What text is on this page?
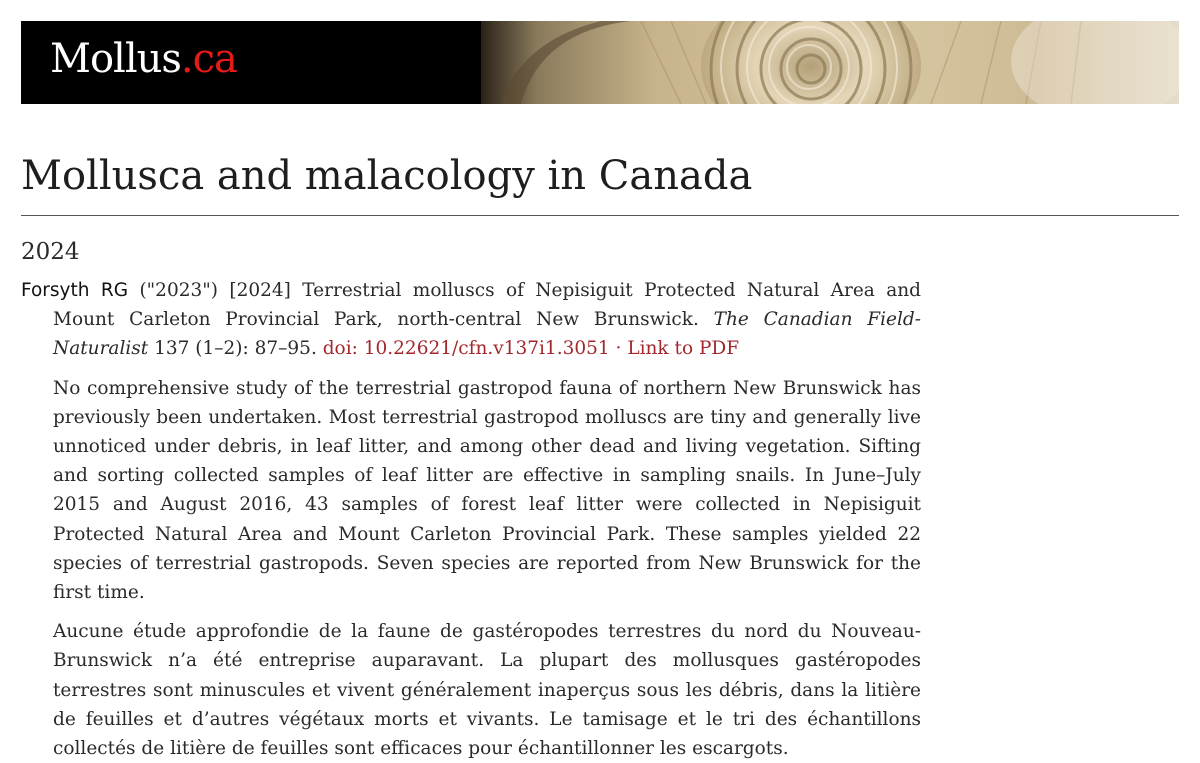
Mollus.ca
Mollusca and malacology in Canada
2024

Forsyth RG ("2023") [2024] Terrestrial molluscs of Nepisiguit Protected Natural Area and Mount Carleton Provincial Park, north-central New Brunswick. The Canadian Field-Naturalist 137 (1–2): 87–95. doi: 10.22621/cfn.v137i1.3051 · Link to PDF

No comprehensive study of the terrestrial gastropod fauna of northern New Brunswick has previously been undertaken. Most terrestrial gastropod molluscs are tiny and generally live unnoticed under debris, in leaf litter, and among other dead and living vegetation. Sifting and sorting collected samples of leaf litter are effective in sampling snails. In June–July 2015 and August 2016, 43 samples of forest leaf litter were collected in Nepisiguit Protected Natural Area and Mount Carleton Provincial Park. These samples yielded 22 species of terrestrial gastropods. Seven species are reported from New Brunswick for the first time.

Aucune étude approfondie de la faune de gastéropodes terrestres du nord du Nouveau-Brunswick n’a été entreprise auparavant. La plupart des mollusques gastéropodes terrestres sont minuscules et vivent généralement inaperçus sous les débris, dans la litière de feuilles et d’autres végétaux morts et vivants. Le tamisage et le tri des échantillons collectés de litière de feuilles sont efficaces pour échantillonner les escargots.
